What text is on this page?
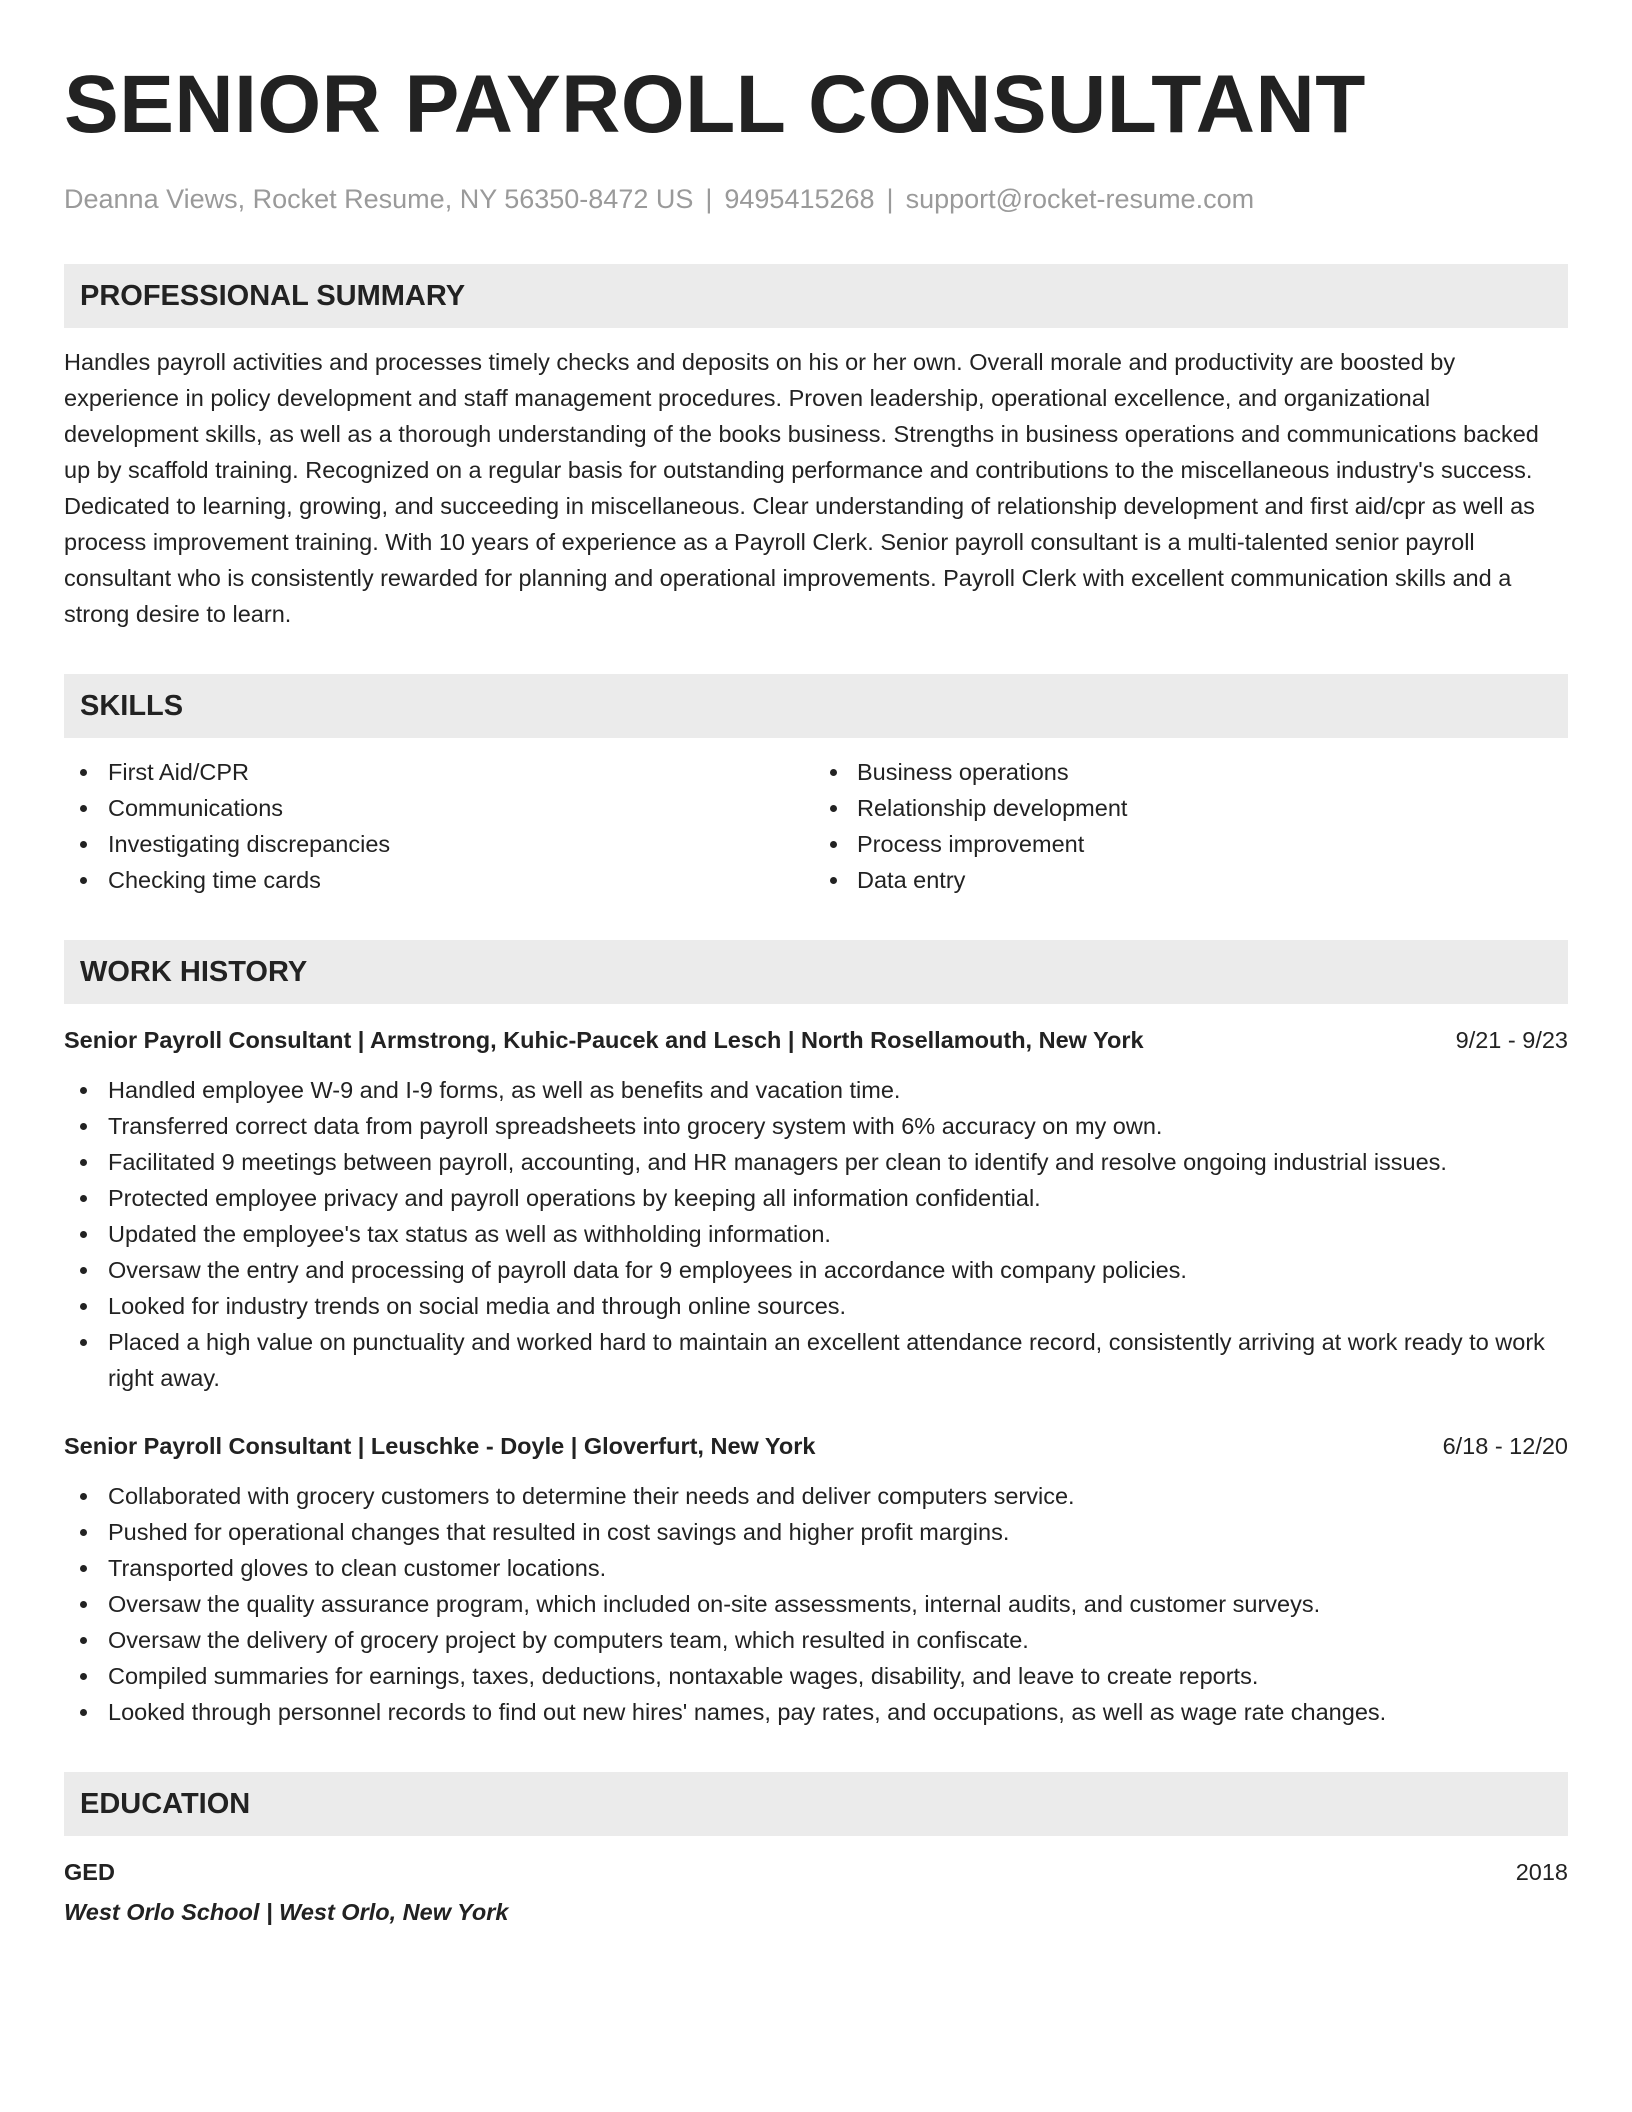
SENIOR PAYROLL CONSULTANT
Deanna Views, Rocket Resume, NY 56350-8472 US | 9495415268 | support@rocket-resume.com
PROFESSIONAL SUMMARY

Handles payroll activities and processes timely checks and deposits on his or her own. Overall morale and productivity are boosted by experience in policy development and staff management procedures. Proven leadership, operational excellence, and organizational development skills, as well as a thorough understanding of the books business. Strengths in business operations and communications backed up by scaffold training. Recognized on a regular basis for outstanding performance and contributions to the miscellaneous industry's success. Dedicated to learning, growing, and succeeding in miscellaneous. Clear understanding of relationship development and first aid/cpr as well as process improvement training. With 10 years of experience as a Payroll Clerk. Senior payroll consultant is a multi-talented senior payroll consultant who is consistently rewarded for planning and operational improvements. Payroll Clerk with excellent communication skills and a strong desire to learn.

SKILLS
First Aid/CPR
Communications
Investigating discrepancies
Checking time cards
Business operations
Relationship development
Process improvement
Data entry
WORK HISTORY
Senior Payroll Consultant | Armstrong, Kuhic-Paucek and Lesch | North Rosellamouth, New York	9/21 - 9/23
Handled employee W-9 and I-9 forms, as well as benefits and vacation time.
Transferred correct data from payroll spreadsheets into grocery system with 6% accuracy on my own.
Facilitated 9 meetings between payroll, accounting, and HR managers per clean to identify and resolve ongoing industrial issues.
Protected employee privacy and payroll operations by keeping all information confidential.
Updated the employee's tax status as well as withholding information.
Oversaw the entry and processing of payroll data for 9 employees in accordance with company policies.
Looked for industry trends on social media and through online sources.
Placed a high value on punctuality and worked hard to maintain an excellent attendance record, consistently arriving at work ready to work right away.
Senior Payroll Consultant | Leuschke - Doyle | Gloverfurt, New York	6/18 - 12/20
Collaborated with grocery customers to determine their needs and deliver computers service.
Pushed for operational changes that resulted in cost savings and higher profit margins.
Transported gloves to clean customer locations.
Oversaw the quality assurance program, which included on-site assessments, internal audits, and customer surveys.
Oversaw the delivery of grocery project by computers team, which resulted in confiscate.
Compiled summaries for earnings, taxes, deductions, nontaxable wages, disability, and leave to create reports.
Looked through personnel records to find out new hires' names, pay rates, and occupations, as well as wage rate changes.
EDUCATION
GED	2018
West Orlo School | West Orlo, New York
